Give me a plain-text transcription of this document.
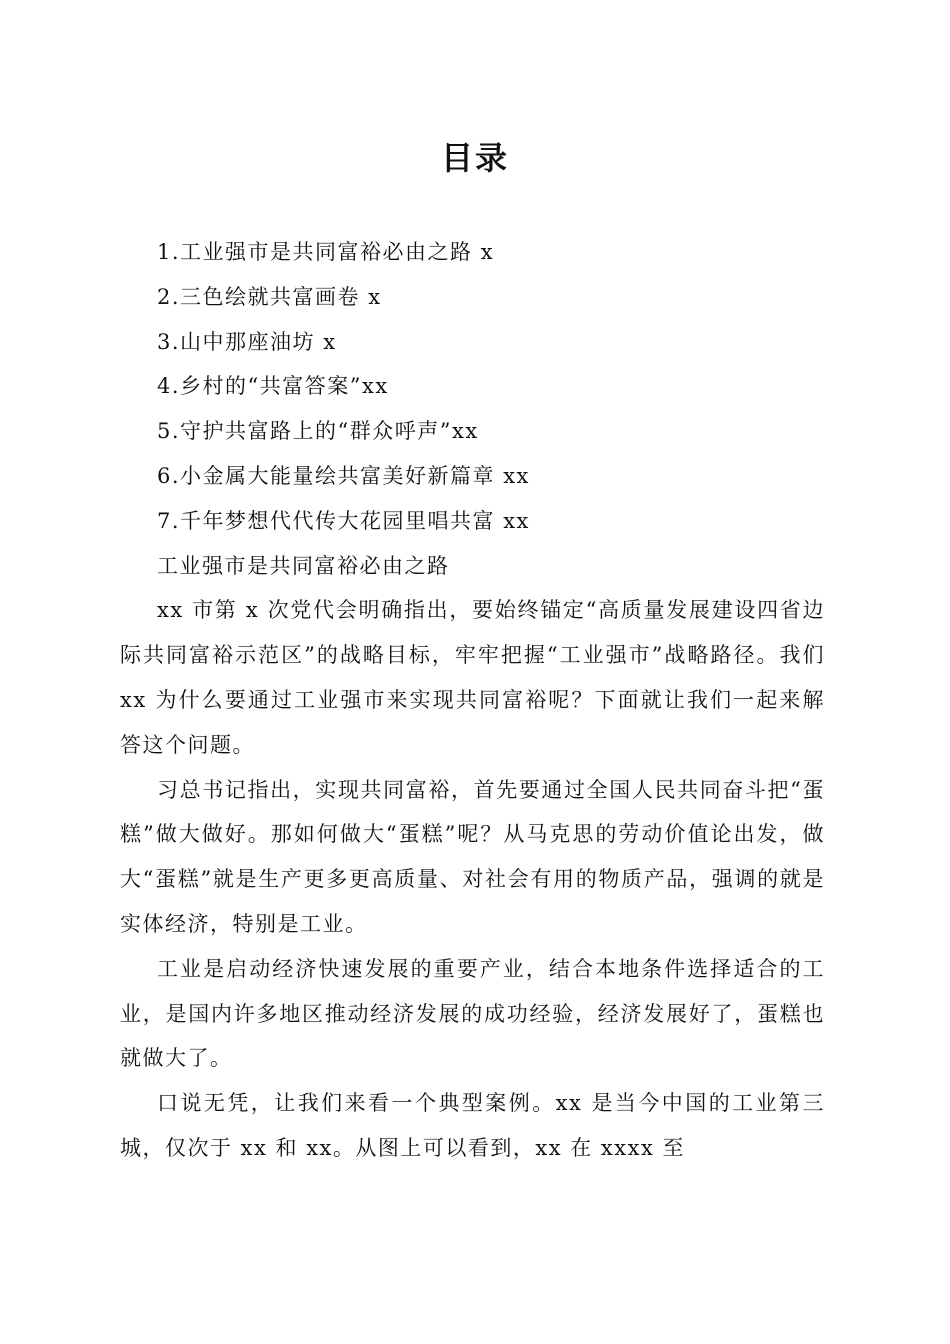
目录
1.工业强市是共同富裕必由之路 x
2.三色绘就共富画卷 x
3.山中那座油坊 x
4.乡村的“共富答案”xx
5.守护共富路上的“群众呼声”xx
6.小金属大能量绘共富美好新篇章 xx
7.千年梦想代代传大花园里唱共富 xx
工业强市是共同富裕必由之路

xx 市第 x 次党代会明确指出，要始终锚定“高质量发展建设四省边际共同富裕示范区”的战略目标，牢牢把握“工业强市”战略路径。我们 xx 为什么要通过工业强市来实现共同富裕呢？下面就让我们一起来解答这个问题。

习总书记指出，实现共同富裕，首先要通过全国人民共同奋斗把“蛋糕”做大做好。那如何做大“蛋糕”呢？从马克思的劳动价值论出发，做大“蛋糕”就是生产更多更高质量、对社会有用的物质产品，强调的就是实体经济，特别是工业。

工业是启动经济快速发展的重要产业，结合本地条件选择适合的工业，是国内许多地区推动经济发展的成功经验，经济发展好了，蛋糕也就做大了。

口说无凭，让我们来看一个典型案例。xx 是当今中国的工业第三城，仅次于 xx 和 xx。从图上可以看到，xx 在 xxxx 至
